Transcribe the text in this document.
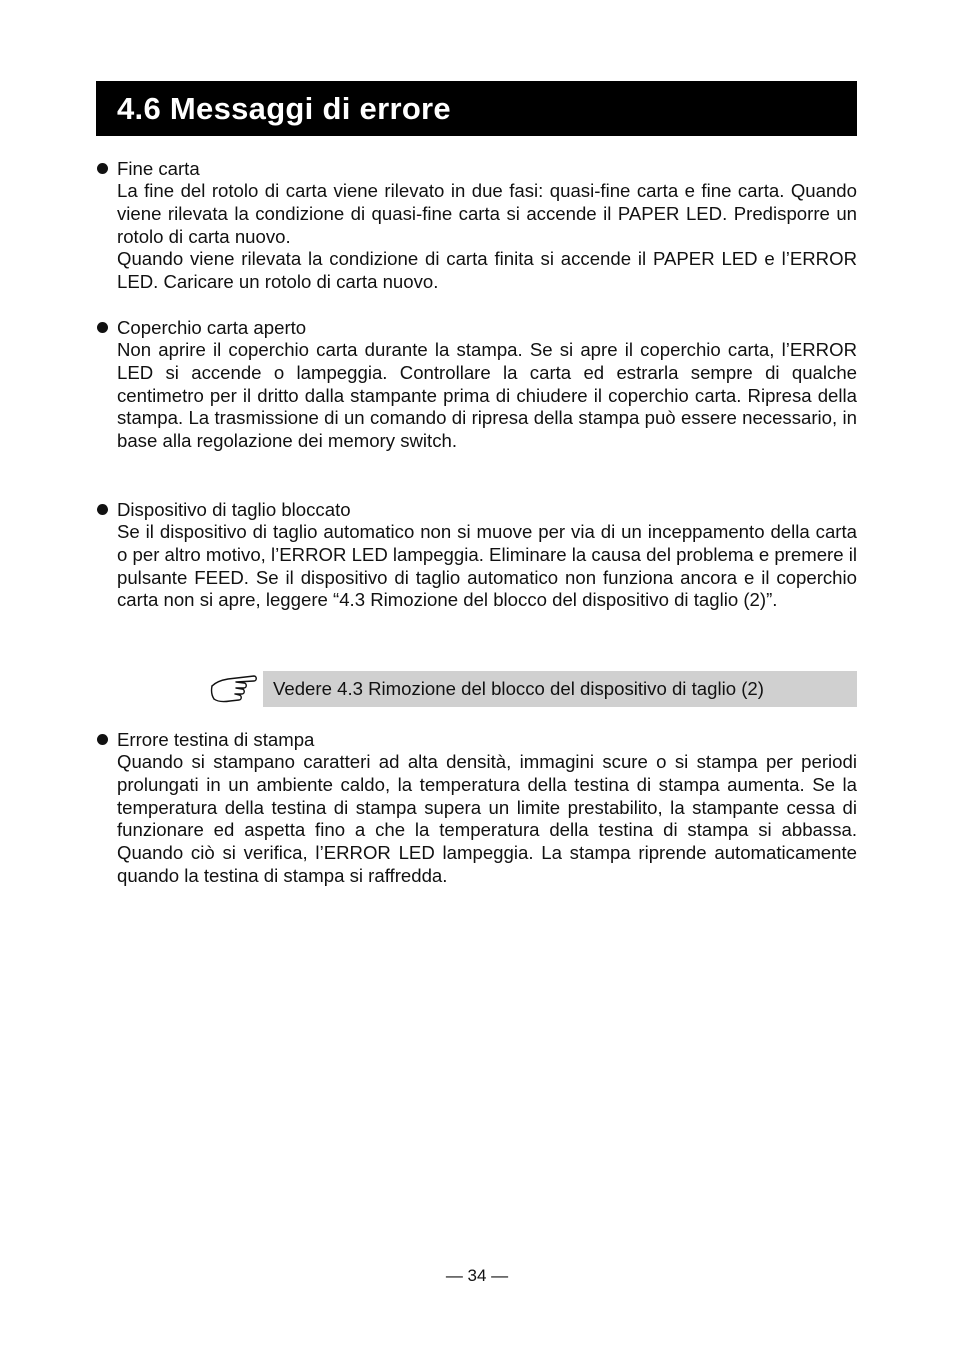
4.6 Messaggi di errore
Fine carta
La fine del rotolo di carta viene rilevato in due fasi: quasi-fine carta e fine carta. Quando viene rilevata la condizione di quasi-fine carta si accende il PAPER LED. Predisporre un rotolo di carta nuovo.
Quando viene rilevata la condizione di carta finita si accende il PAPER LED e l’ERROR LED. Caricare un rotolo di carta nuovo.
Coperchio carta aperto
Non aprire il coperchio carta durante la stampa. Se si apre il coperchio carta, l’ERROR LED si accende o lampeggia. Controllare la carta ed estrarla sempre di qualche centimetro per il dritto dalla stampante prima di chiudere il coperchio carta. Ripresa della stampa. La trasmissione di un comando di ripresa della stampa può essere necessario, in base alla regolazione dei memory switch.
Dispositivo di taglio bloccato
Se il dispositivo di taglio automatico non si muove per via di un inceppamento della carta o per altro motivo, l’ERROR LED lampeggia. Eliminare la causa del problema e premere il pulsante FEED. Se il dispositivo di taglio automatico non funziona ancora e il coperchio carta non si apre, leggere “4.3 Rimozione del blocco del dispositivo di taglio (2)”.
Vedere 4.3 Rimozione del blocco del dispositivo di taglio (2)
Errore testina di stampa
Quando si stampano caratteri ad alta densità, immagini scure o si stampa per periodi prolungati in un ambiente caldo, la temperatura della testina di stampa aumenta. Se la temperatura della testina di stampa supera un limite prestabilito, la stampante cessa di funzionare ed aspetta fino a che la temperatura della testina di stampa si abbassa. Quando ciò si verifica, l’ERROR LED lampeggia. La stampa riprende automaticamente quando la testina di stampa si raffredda.
— 34 —
